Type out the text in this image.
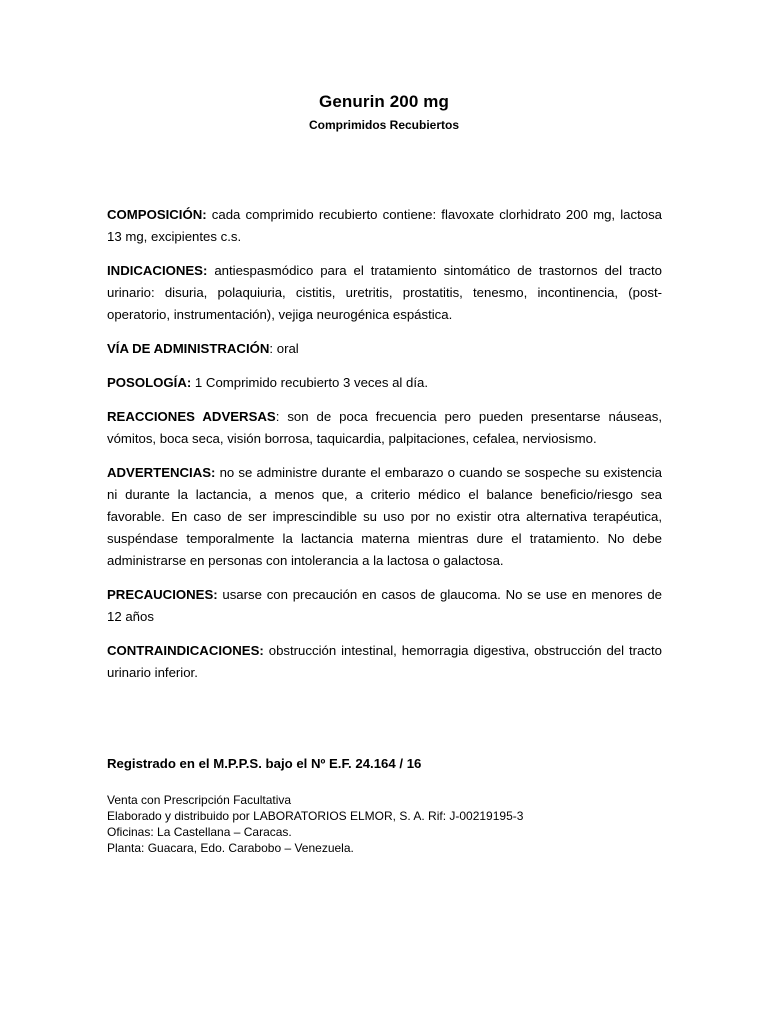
Genurin 200 mg
Comprimidos Recubiertos

COMPOSICIÓN: cada comprimido recubierto contiene: flavoxate clorhidrato 200 mg, lactosa 13 mg, excipientes c.s.

INDICACIONES: antiespasmódico para el tratamiento sintomático de trastornos del tracto urinario: disuria, polaquiuria, cistitis, uretritis, prostatitis, tenesmo, incontinencia, (post-operatorio, instrumentación), vejiga neurogénica espástica.

VÍA DE ADMINISTRACIÓN: oral

POSOLOGÍA: 1 Comprimido recubierto 3 veces al día.

REACCIONES ADVERSAS: son de poca frecuencia pero pueden presentarse náuseas, vómitos, boca seca, visión borrosa, taquicardia, palpitaciones, cefalea, nerviosismo.

ADVERTENCIAS: no se administre durante el embarazo o cuando se sospeche su existencia ni durante la lactancia, a menos que, a criterio médico el balance beneficio/riesgo sea favorable. En caso de ser imprescindible su uso por no existir otra alternativa terapéutica, suspéndase temporalmente la lactancia materna mientras dure el tratamiento. No debe administrarse en personas con intolerancia a la lactosa o galactosa.

PRECAUCIONES: usarse con precaución en casos de glaucoma. No se use en menores de 12 años

CONTRAINDICACIONES: obstrucción intestinal, hemorragia digestiva, obstrucción del tracto urinario inferior.

Registrado en el M.P.P.S. bajo el Nº E.F. 24.164 / 16
Venta con Prescripción Facultativa
Elaborado y distribuido por LABORATORIOS ELMOR, S. A. Rif: J-00219195-3
Oficinas: La Castellana – Caracas.
Planta: Guacara, Edo. Carabobo – Venezuela.
